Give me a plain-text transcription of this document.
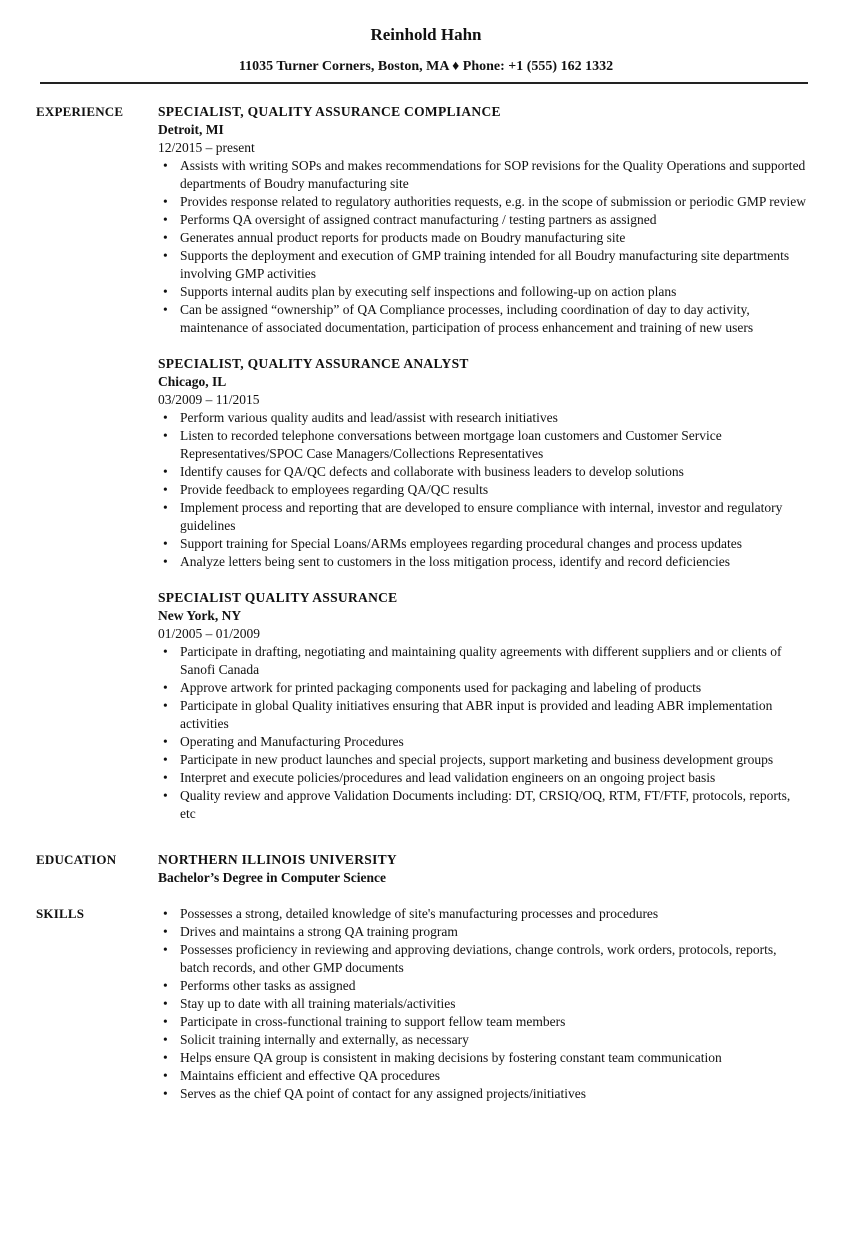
Reinhold Hahn
11035 Turner Corners, Boston, MA ♦ Phone: +1 (555) 162 1332
EXPERIENCE	SPECIALIST, QUALITY ASSURANCE COMPLIANCE
Detroit, MI
12/2015 – present
• Assists with writing SOPs and makes recommendations for SOP revisions for the Quality Operations and supported departments of Boudry manufacturing site
• Provides response related to regulatory authorities requests, e.g. in the scope of submission or periodic GMP review
• Performs QA oversight of assigned contract manufacturing / testing partners as assigned
• Generates annual product reports for products made on Boudry manufacturing site
• Supports the deployment and execution of GMP training intended for all Boudry manufacturing site departments involving GMP activities
• Supports internal audits plan by executing self inspections and following-up on action plans
• Can be assigned “ownership” of QA Compliance processes, including coordination of day to day activity, maintenance of associated documentation, participation of process enhancement and training of new users
SPECIALIST, QUALITY ASSURANCE ANALYST
Chicago, IL
03/2009 – 11/2015
• Perform various quality audits and lead/assist with research initiatives
• Listen to recorded telephone conversations between mortgage loan customers and Customer Service Representatives/SPOC Case Managers/Collections Representatives
• Identify causes for QA/QC defects and collaborate with business leaders to develop solutions
• Provide feedback to employees regarding QA/QC results
• Implement process and reporting that are developed to ensure compliance with internal, investor and regulatory guidelines
• Support training for Special Loans/ARMs employees regarding procedural changes and process updates
• Analyze letters being sent to customers in the loss mitigation process, identify and record deficiencies
SPECIALIST QUALITY ASSURANCE
New York, NY
01/2005 – 01/2009
• Participate in drafting, negotiating and maintaining quality agreements with different suppliers and or clients of Sanofi Canada
• Approve artwork for printed packaging components used for packaging and labeling of products
• Participate in global Quality initiatives ensuring that ABR input is provided and leading ABR implementation activities
• Operating and Manufacturing Procedures
• Participate in new product launches and special projects, support marketing and business development groups
• Interpret and execute policies/procedures and lead validation engineers on an ongoing project basis
• Quality review and approve Validation Documents including: DT, CRSIQ/OQ, RTM, FT/FTF, protocols, reports, etc
EDUCATION	NORTHERN ILLINOIS UNIVERSITY
Bachelor’s Degree in Computer Science
SKILLS
•	Possesses a strong, detailed knowledge of site's manufacturing processes and procedures
• Drives and maintains a strong QA training program
• Possesses proficiency in reviewing and approving deviations, change controls, work orders, protocols, reports, batch records, and other GMP documents
• Performs other tasks as assigned
• Stay up to date with all training materials/activities
• Participate in cross-functional training to support fellow team members
• Solicit training internally and externally, as necessary
• Helps ensure QA group is consistent in making decisions by fostering constant team communication
• Maintains efficient and effective QA procedures
• Serves as the chief QA point of contact for any assigned projects/initiatives
